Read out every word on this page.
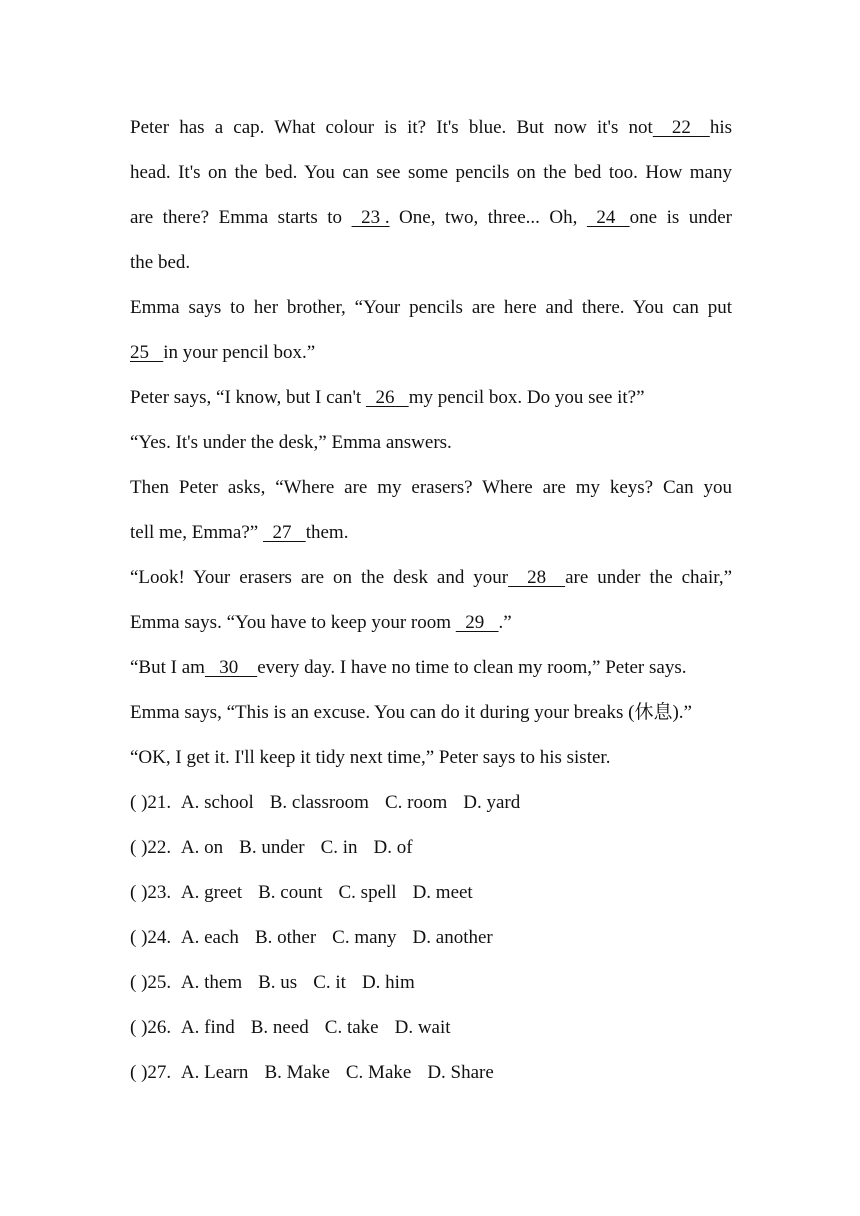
Peter has a cap. What colour is it? It's blue. But now it's not    22    his
head. It's on the bed. You can see some pencils on the bed too. How many
are there? Emma starts to   23 . One, two, three... Oh,   24   one is under
the bed.
Emma says to her brother, “Your pencils are here and there. You can put
25   in your pencil box.”
Peter says, “I know, but I can't   26   my pencil box. Do you see it?”
“Yes. It's under the desk,” Emma answers.
Then Peter asks, “Where are my erasers? Where are my keys? Can you
tell me, Emma?”   27   them.
“Look! Your erasers are on the desk and your    28    are under the chair,”
Emma says. “You have to keep your room   29   .”
“But I am   30    every day. I have no time to clean my room,” Peter says.
Emma says, “This is an excuse. You can do it during your breaks (休息).”
“OK, I get it. I'll keep it tidy next time,” Peter says to his sister.
( )21. A. school B. classroom C. room D. yard
( )22. A. on B. under C. in D. of
( )23. A. greet B. count C. spell D. meet
( )24. A. each B. other C. many D. another
( )25. A. them B. us C. it D. him
( )26. A. find B. need C. take D. wait
( )27. A. Learn B. Make C. Make D. Share
